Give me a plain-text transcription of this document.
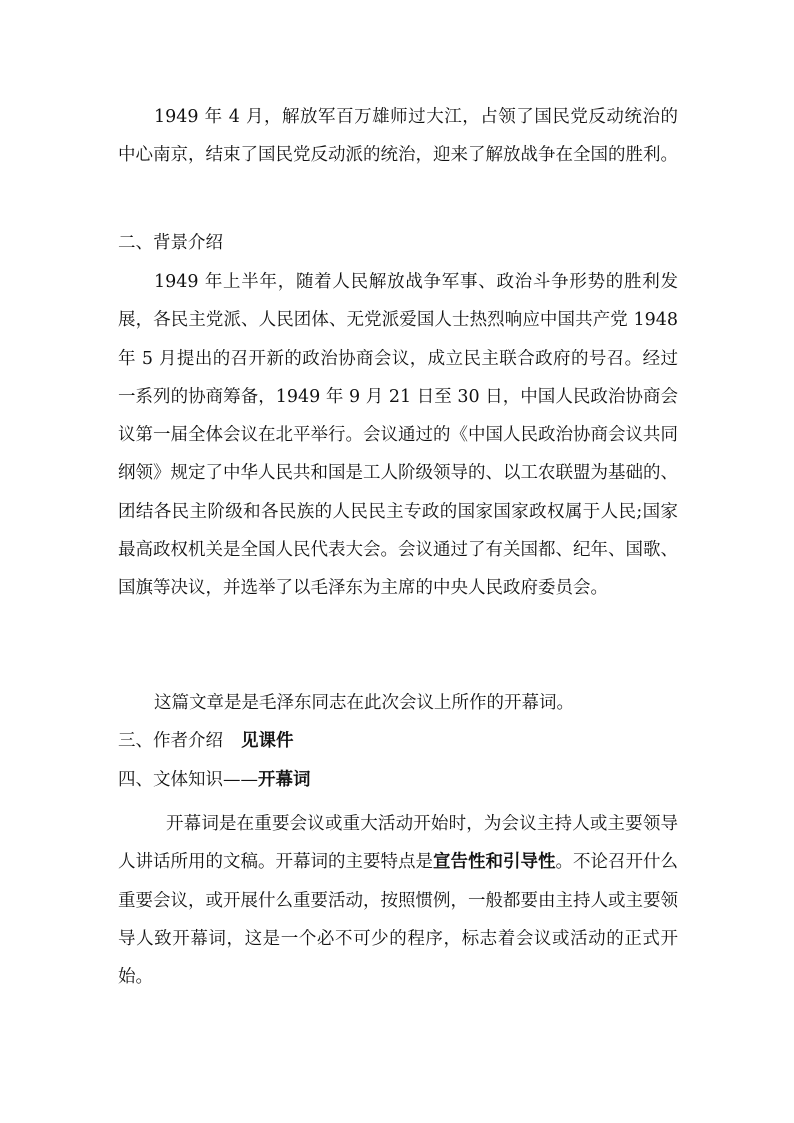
1949 年 4 月，解放军百万雄师过大江，占领了国民党反动统治的中心南京，结束了国民党反动派的统治，迎来了解放战争在全国的胜利。

二、背景介绍

1949 年上半年，随着人民解放战争军事、政治斗争形势的胜利发展，各民主党派、人民团体、无党派爱国人士热烈响应中国共产党 1948 年 5 月提出的召开新的政治协商会议，成立民主联合政府的号召。经过一系列的协商筹备，1949 年 9 月 21 日至 30 日，中国人民政治协商会议第一届全体会议在北平举行。会议通过的《中国人民政治协商会议共同纲领》规定了中华人民共和国是工人阶级领导的、以工农联盟为基础的、团结各民主阶级和各民族的人民民主专政的国家国家政权属于人民;国家最高政权机关是全国人民代表大会。会议通过了有关国都、纪年、国歌、国旗等决议，并选举了以毛泽东为主席的中央人民政府委员会。

这篇文章是是毛泽东同志在此次会议上所作的开幕词。

三、作者介绍 见课件
四、文体知识——开幕词

开幕词是在重要会议或重大活动开始时，为会议主持人或主要领导人讲话所用的文稿。开幕词的主要特点是宣告性和引导性。不论召开什么重要会议，或开展什么重要活动，按照惯例，一般都要由主持人或主要领导人致开幕词，这是一个必不可少的程序，标志着会议或活动的正式开始。
